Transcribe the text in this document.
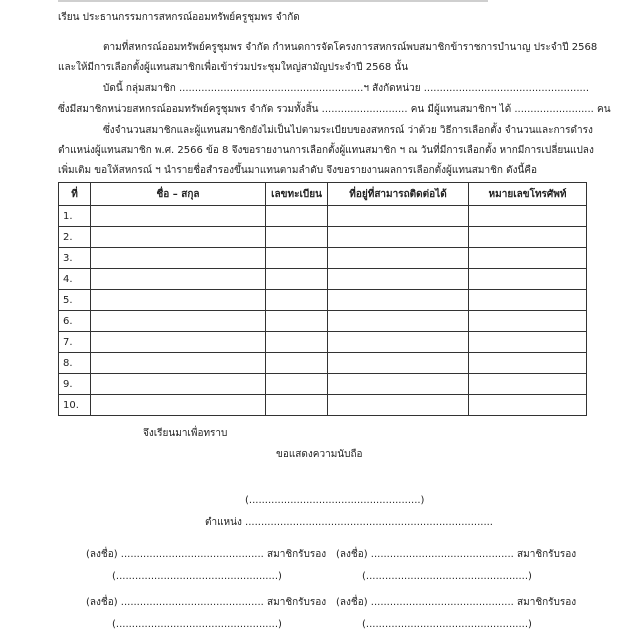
เรียน ประธานกรรมการสหกรณ์ออมทรัพย์ครูชุมพร จำกัด
ตามที่สหกรณ์ออมทรัพย์ครูชุมพร จำกัด กำหนดการจัดโครงการสหกรณ์พบสมาชิกข้าราชการบำนาญ ประจำปี 2568
และให้มีการเลือกตั้งผู้แทนสมาชิกเพื่อเข้าร่วมประชุมใหญ่สามัญประจำปี 2568 นั้น
บัดนี้ กลุ่มสมาชิก ..........................................................ฯ สังกัดหน่วย ....................................................
ซึ่งมีสมาชิกหน่วยสหกรณ์ออมทรัพย์ครูชุมพร จำกัด รวมทั้งสิ้น ........................... คน มีผู้แทนสมาชิกฯ ได้ ......................... คน
ซึ่งจำนวนสมาชิกและผู้แทนสมาชิกยังไม่เป็นไปตามระเบียบของสหกรณ์ ว่าด้วย วิธีการเลือกตั้ง จำนวนและการดำรง
ตำแหน่งผู้แทนสมาชิก พ.ศ. 2566 ข้อ 8 จึงขอรายงานการเลือกตั้งผู้แทนสมาชิก ฯ ณ วันที่มีการเลือกตั้ง หากมีการเปลี่ยนแปลง
เพิ่มเติม ขอให้สหกรณ์ ฯ นำรายชื่อสำรองขึ้นมาแทนตามลำดับ จึงขอรายงานผลการเลือกตั้งผู้แทนสมาชิก ดังนี้คือ
ที่	ชื่อ – สกุล	เลขทะเบียน	ที่อยู่ที่สามารถติดต่อได้	หมายเลขโทรศัพท์
1.				
2.				
3.				
4.				
5.				
6.				
7.				
8.				
9.				
10.				
จึงเรียนมาเพื่อทราบ
ขอแสดงความนับถือ
(......................................................)
ตำแหน่ง ..............................................................................
(ลงชื่อ) ............................................. สมาชิกรับรอง (ลงชื่อ) ............................................. สมาชิกรับรอง
(...................................................)	(...................................................)
(ลงชื่อ) ............................................. สมาชิกรับรอง (ลงชื่อ) ............................................. สมาชิกรับรอง
(...................................................)	(...................................................)
